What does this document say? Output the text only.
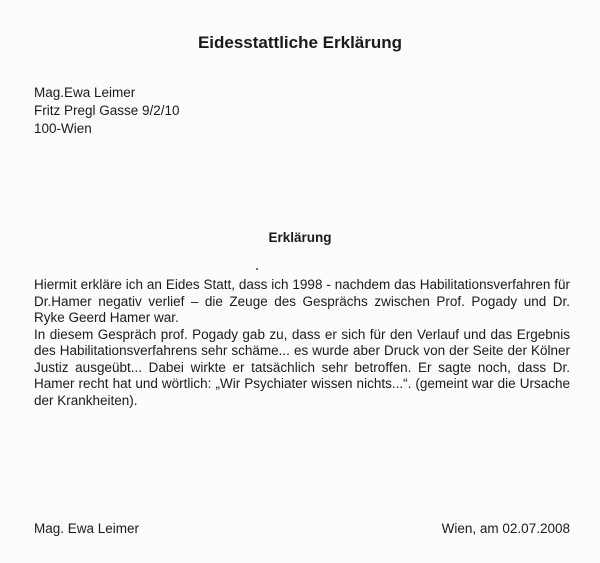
Eidesstattliche Erklärung
Mag.Ewa Leimer
Fritz Pregl Gasse 9/2/10
100-Wien
Erklärung

Hiermit erkläre ich an Eides Statt, dass ich 1998 - nachdem das Habilitationsverfahren für Dr.Hamer negativ verlief – die Zeuge des Gesprächs zwischen Prof. Pogady und Dr. Ryke Geerd Hamer war.

In diesem Gespräch prof. Pogady gab zu, dass er sich für den Verlauf und das Ergebnis des Habilitationsverfahrens sehr schäme... es wurde aber Druck von der Seite der Kölner Justiz ausgeübt... Dabei wirkte er tatsächlich sehr betroffen. Er sagte noch, dass Dr. Hamer recht hat und wörtlich: „Wir Psychiater wissen nichts...“. (gemeint war die Ursache der Krankheiten).

Mag. Ewa Leimer	Wien, am 02.07.2008
